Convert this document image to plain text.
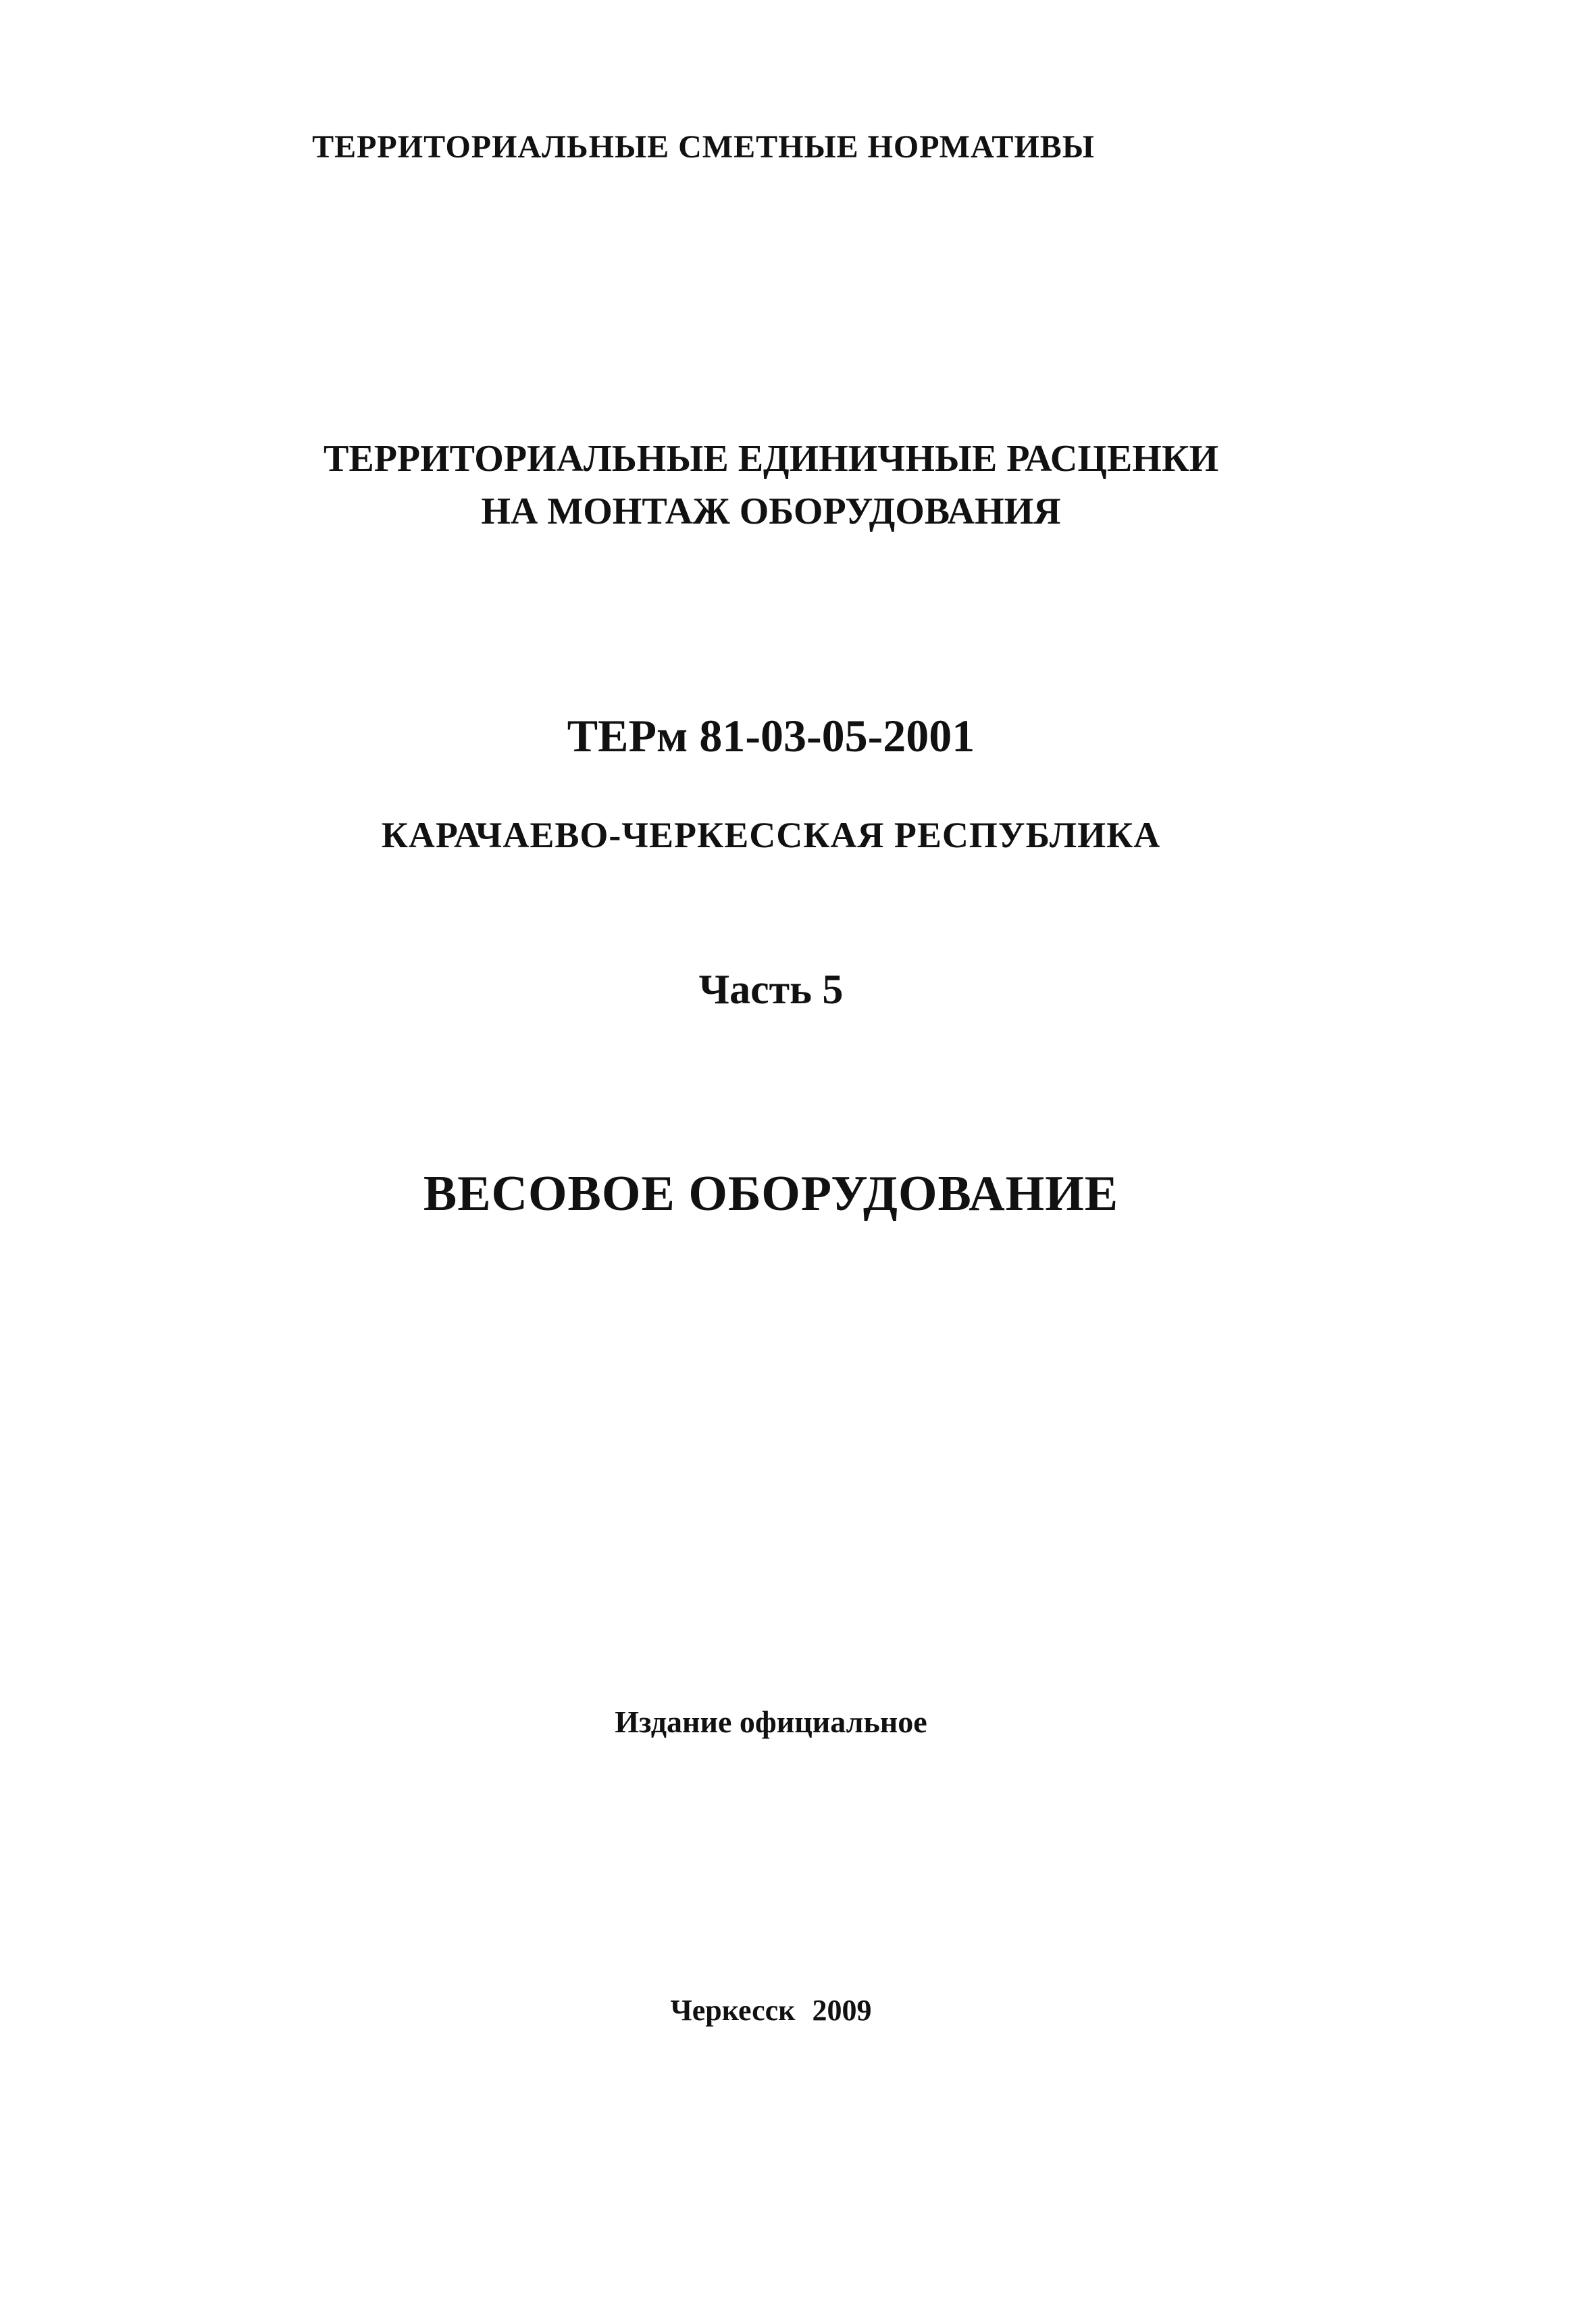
ТЕРРИТОРИАЛЬНЫЕ СМЕТНЫЕ НОРМАТИВЫ
ТЕРРИТОРИАЛЬНЫЕ ЕДИНИЧНЫЕ РАСЦЕНКИ
НА МОНТАЖ ОБОРУДОВАНИЯ
ТЕРм 81-03-05-2001
КАРАЧАЕВО-ЧЕРКЕССКАЯ РЕСПУБЛИКА
Часть 5
ВЕСОВОЕ ОБОРУДОВАНИЕ
Издание официальное
Черкесск 2009
